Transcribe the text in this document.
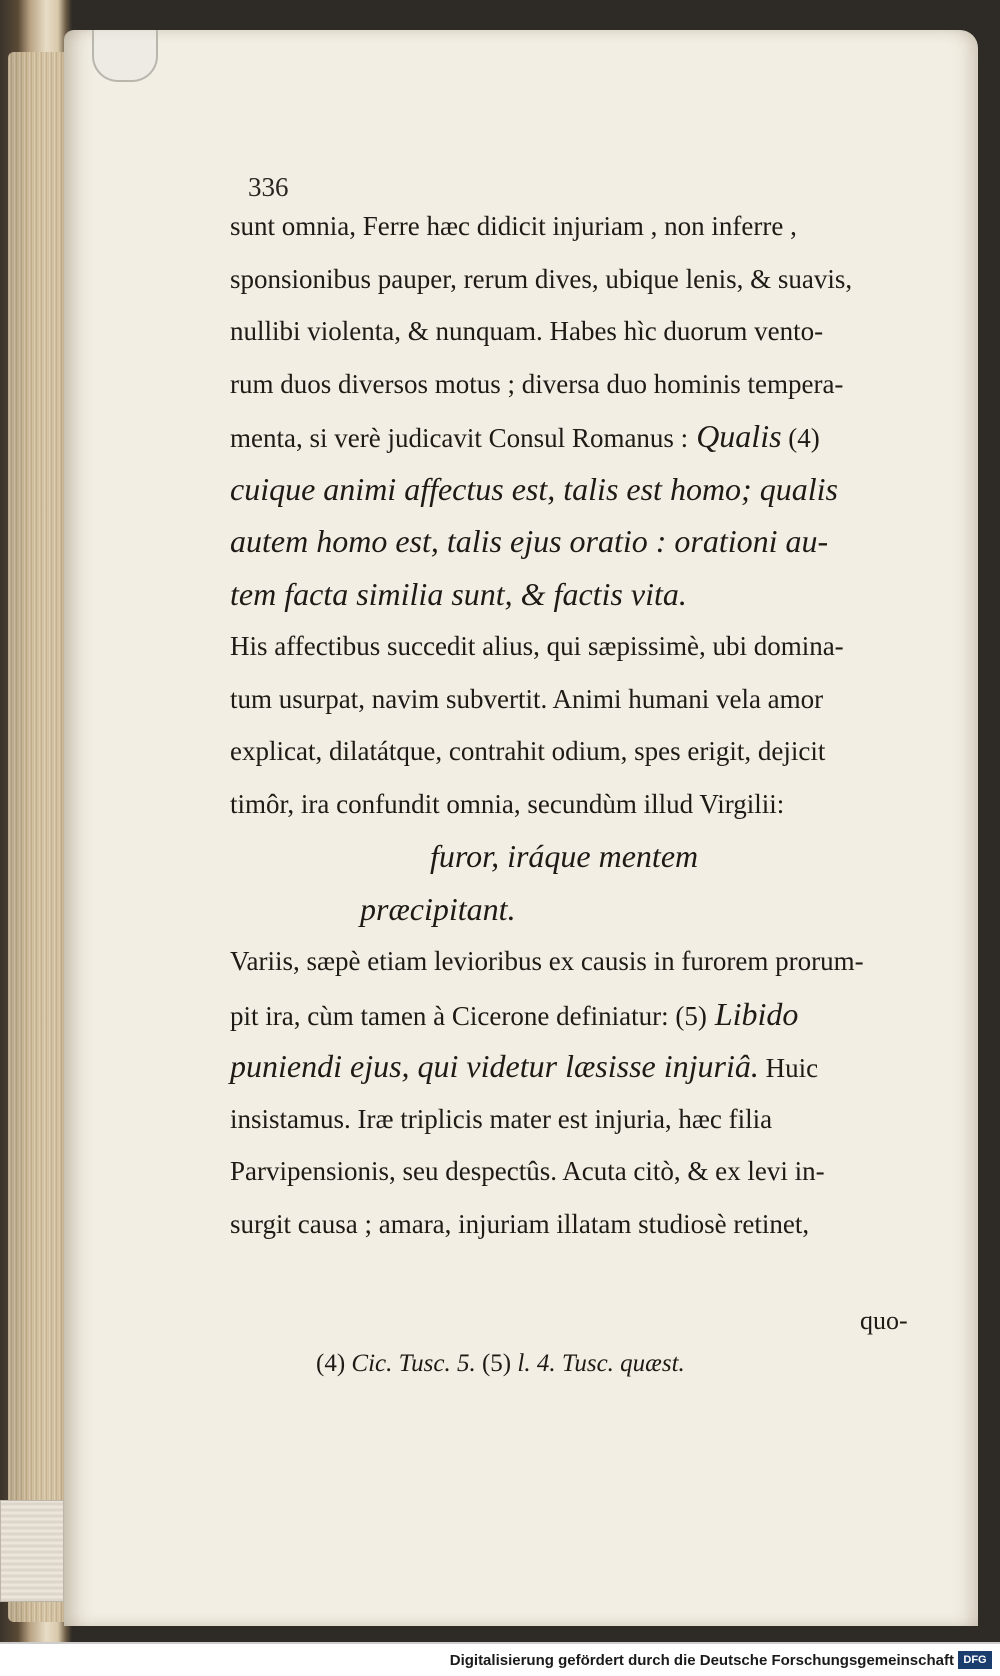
336
sunt omnia, Ferre hæc didicit injuriam , non inferre ,
sponsionibus pauper, rerum dives, ubique lenis, & suavis,
nullibi violenta, & nunquam. Habes hìc duorum vento-
rum duos diversos motus ; diversa duo hominis tempera-
menta, si verè judicavit Consul Romanus : Qualis (4)
cuique animi affectus est, talis est homo; qualis
autem homo est, talis ejus oratio : orationi au-
tem facta similia sunt, & factis vita.
His affectibus succedit alius, qui sæpissimè, ubi domina-
tum usurpat, navim subvertit. Animi humani vela amor
explicat, dilatátque, contrahit odium, spes erigit, dejicit
timôr, ira confundit omnia, secundùm illud Virgilii:
furor, iráque mentem
præcipitant.
Variis, sæpè etiam levioribus ex causis in furorem prorum-
pit ira, cùm tamen à Cicerone definiatur: (5) Libido
puniendi ejus, qui videtur læsisse injuriâ. Huic
insistamus. Iræ triplicis mater est injuria, hæc filia
Parvipensionis, seu despectûs. Acuta citò, & ex levi in-
surgit causa ; amara, injuriam illatam studiosè retinet,
quo-
(4) Cic. Tusc. 5. (5) l. 4. Tusc. quæst.
Digitalisierung gefördert durch die Deutsche Forschungsgemeinschaft DFG
